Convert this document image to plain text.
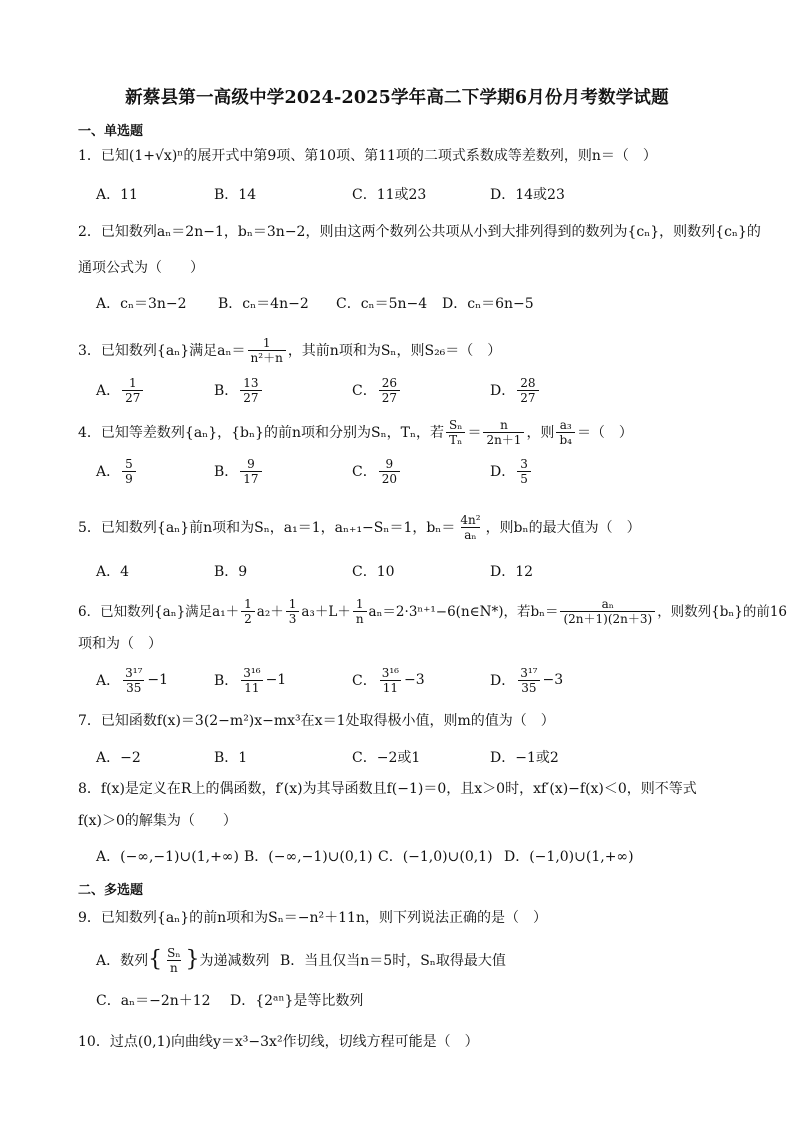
新蔡县第一高级中学2024-2025学年高二下学期6月份月考数学试题
一、单选题
1．已知(1+√x)ⁿ的展开式中第9项、第10项、第11项的二项式系数成等差数列，则n＝（　）
A．11	B．14	C．11或23	D．14或23
2．已知数列aₙ＝2n−1，bₙ＝3n−2，则由这两个数列公共项从小到大排列得到的数列为{cₙ}，则数列{cₙ}的
通项公式为（　　）
A．cₙ＝3n−2 B．cₙ＝4n−2 C．cₙ＝5n−4 D．cₙ＝6n−5
3．已知数列{aₙ}满足$a_n= \frac{1}{\text{n²＋n}}$ ，其前n项和为Sₙ，则S₂₆＝（　）
A． $\frac{1}{27}$	B． $\frac{13}{27}$	C． $\frac{26}{27}$	D． $\frac{28}{27}$
4．已知等差数列{aₙ}，{bₙ}的前n项和分别为Sₙ，Tₙ，若 $\frac{\text{Sₙ}}{\text{Tₙ}} = \frac{n}{2n+1}$ ，则 $\frac{\text{a₃}}{\text{b₄}}$ ＝（　）
A． $\frac{5}{9}$	B． $\frac{9}{17}$	C． $\frac{9}{20}$	D． $\frac{3}{5}$
5．已知数列{aₙ}前n项和为Sₙ，a₁＝1，aₙ₊₁−Sₙ＝1，$b_n= \frac{\text{4n²}}{\text{aₙ}}$ ，则bₙ的最大值为（　）
A．4	B．9	C．10	D．12
6．已知数列{aₙ}满足$a_1+ \frac{1}{2} a_2+ \frac{1}{3} a_3+L+ \frac{1}{n}$ aₙ＝2·3ⁿ⁺¹−6(n∈N*)，若$b_n= \frac{\text{aₙ}}{(2n+1)(2n+3)}$ ，则数列{bₙ}的前16
项和为（　）
A． $\frac{\text{3¹⁷}}{35} -1$	B． $\frac{\text{3¹⁶}}{11} -1$	C． $\frac{\text{3¹⁶}}{11} -3$	D． $\frac{\text{3¹⁷}}{35} -3$
7．已知函数f(x)＝3(2−m²)x−mx³在x＝1处取得极小值，则m的值为（　）
A．−2	B．1	C．−2或1	D．−1或2
8．f(x)是定义在R上的偶函数，f′(x)为其导函数且f(−1)＝0，且x＞0时，xf′(x)−f(x)＜0，则不等式
f(x)＞0的解集为（　　）
A．(−∞,−1)∪(1,+∞) B．(−∞,−1)∪(0,1) C．(−1,0)∪(0,1) D．(−1,0)∪(1,+∞)
二、多选题
9．已知数列{aₙ}的前n项和为Sₙ＝−n²＋11n，则下列说法正确的是（　）
A．数列 { $\frac{\text{Sₙ}}{n}$ } 为递减数列 B．当且仅当n＝5时，Sₙ取得最大值
C．aₙ＝−2n＋12 D．{2ᵃⁿ}是等比数列
10．过点(0,1)向曲线y＝x³−3x²作切线，切线方程可能是（　）
